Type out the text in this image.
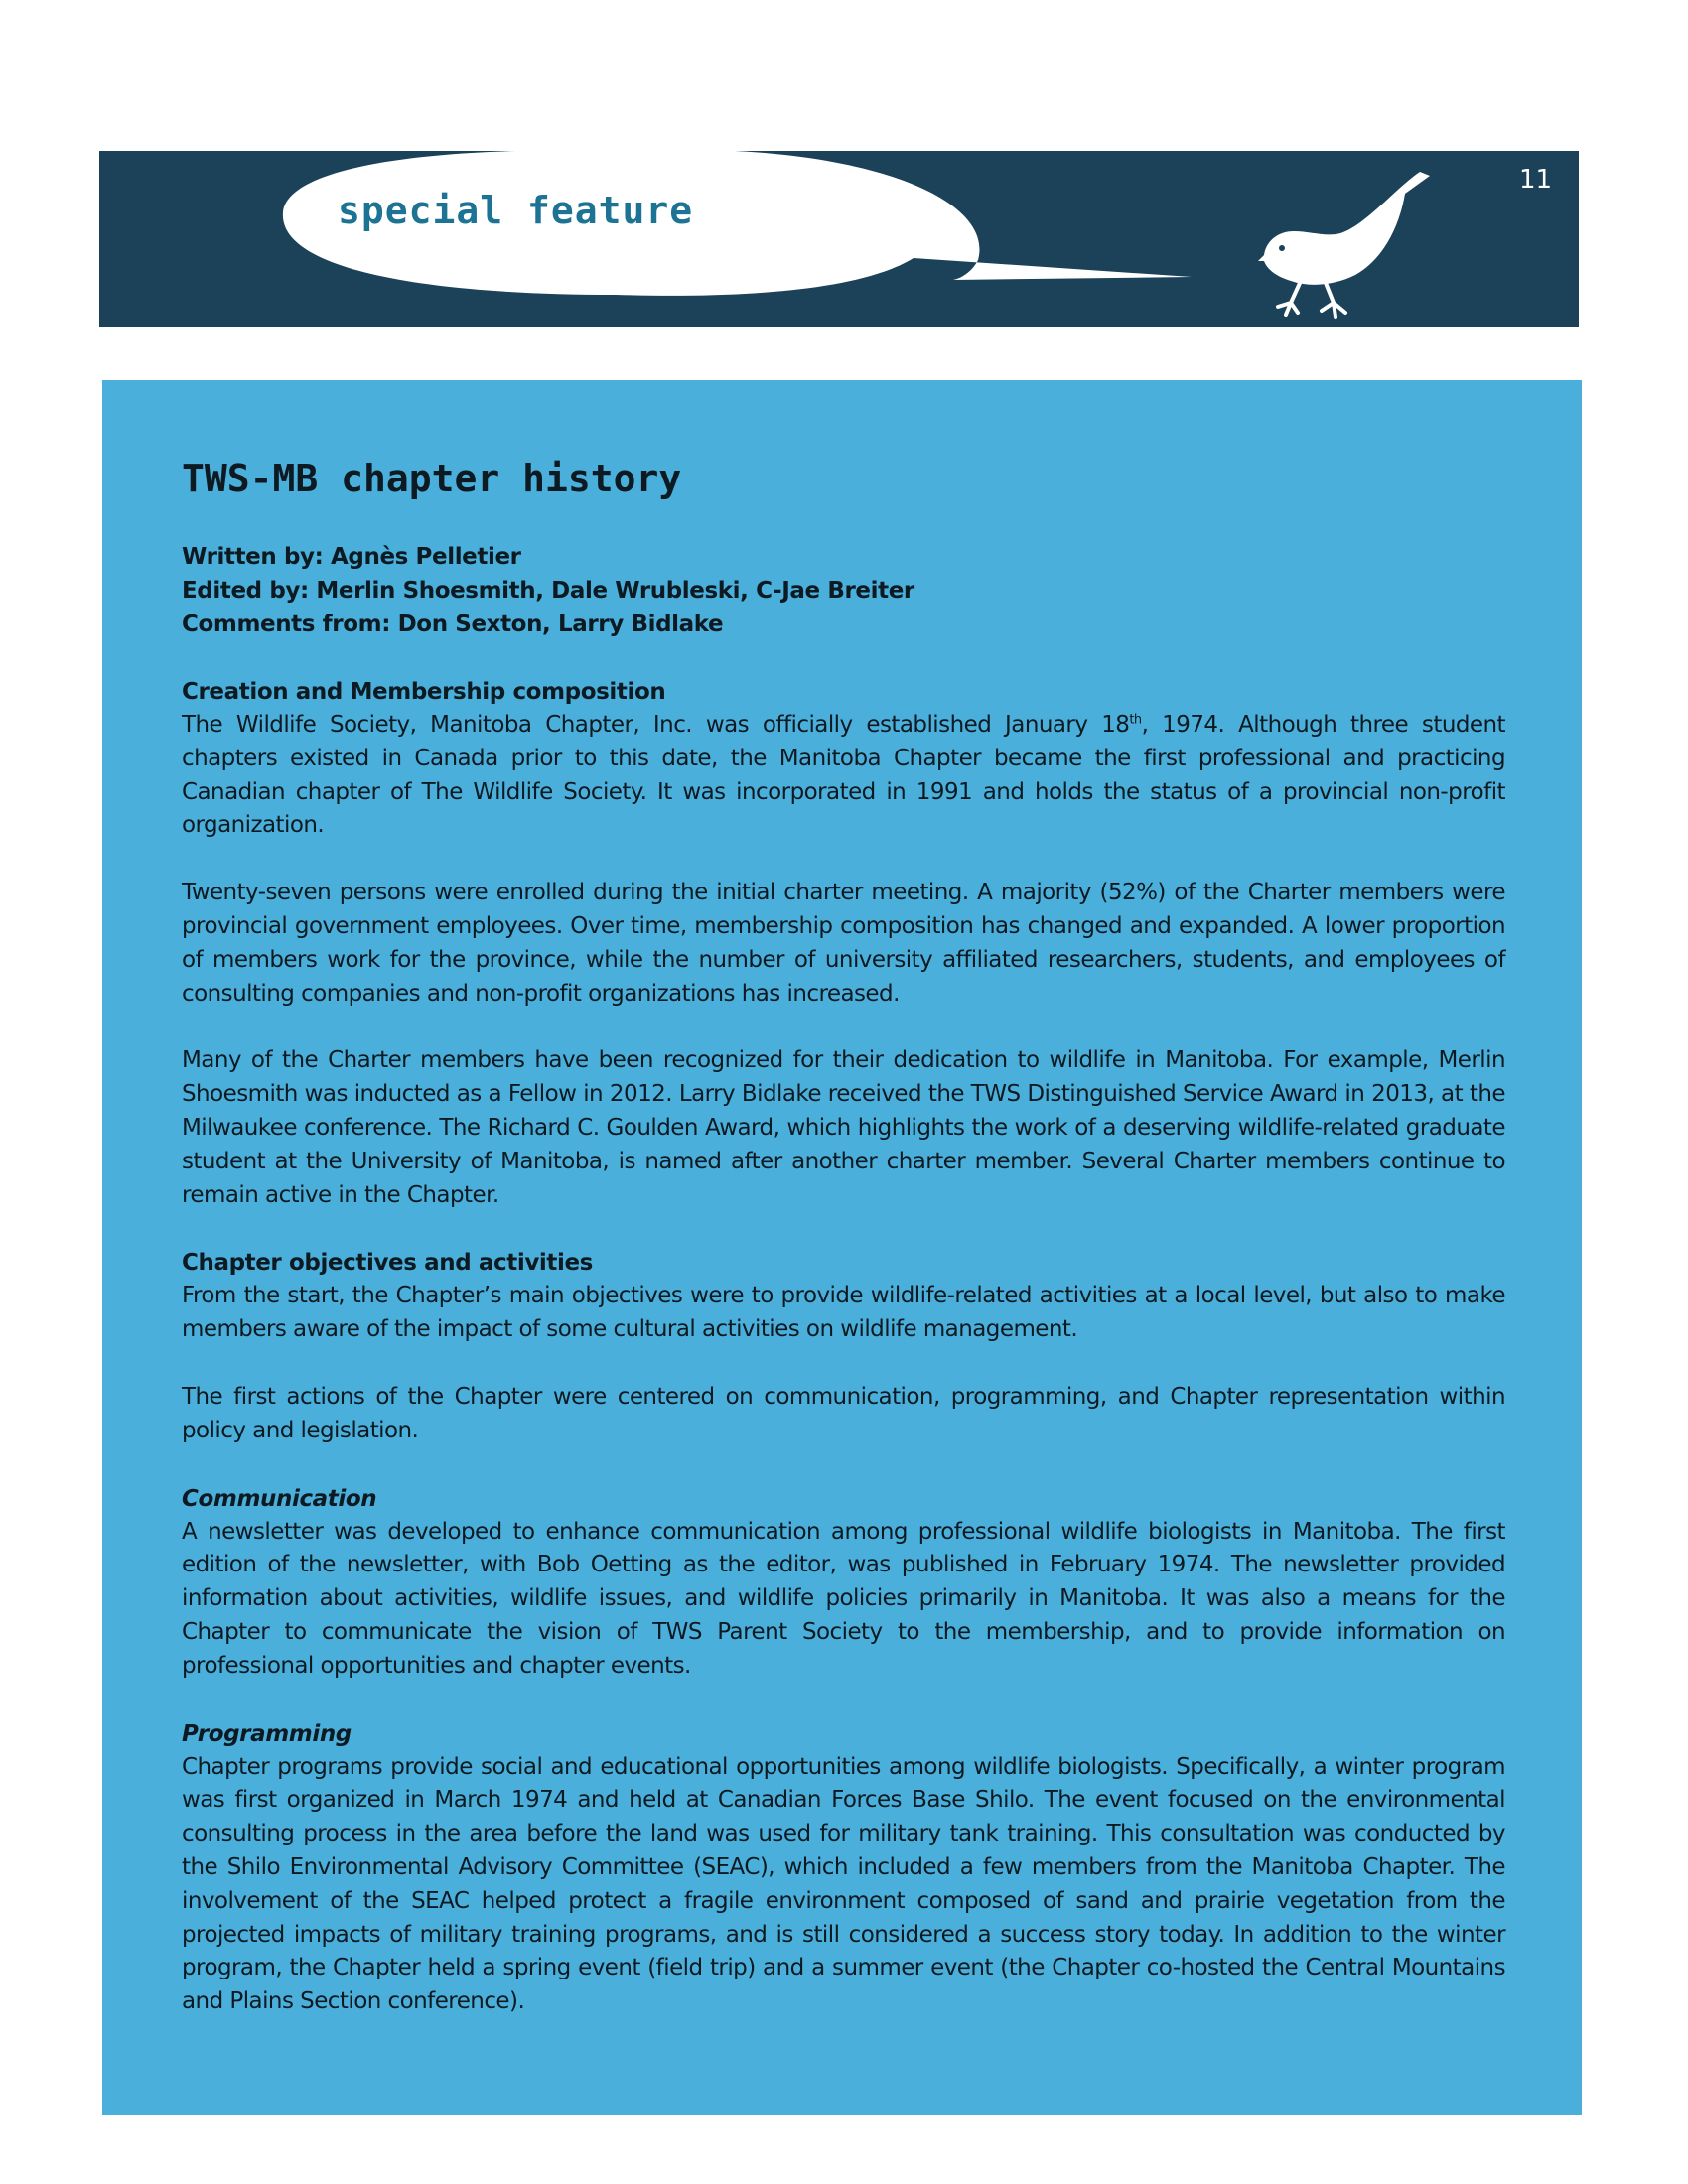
special feature
11
TWS-MB chapter history
Written by: Agnès Pelletier
Edited by: Merlin Shoesmith, Dale Wrubleski, C-Jae Breiter
Comments from: Don Sexton, Larry Bidlake
Creation and Membership composition

The Wildlife Society, Manitoba Chapter, Inc. was officially established January 18th, 1974. Although three student chapters existed in Canada prior to this date, the Manitoba Chapter became the first professional and practicing Canadian chapter of The Wildlife Society. It was incorporated in 1991 and holds the status of a provincial non-profit organization.

Twenty-seven persons were enrolled during the initial charter meeting. A majority (52%) of the Charter members were provincial government employees. Over time, membership composition has changed and expanded. A lower proportion of members work for the province, while the number of university affiliated researchers, students, and employees of consulting companies and non-profit organizations has increased.

Many of the Charter members have been recognized for their dedication to wildlife in Manitoba. For example, Merlin Shoesmith was inducted as a Fellow in 2012. Larry Bidlake received the TWS Distinguished Service Award in 2013, at the Milwaukee conference. The Richard C. Goulden Award, which highlights the work of a deserving wildlife-related graduate student at the University of Manitoba, is named after another charter member. Several Charter members continue to remain active in the Chapter.

Chapter objectives and activities

From the start, the Chapter’s main objectives were to provide wildlife-related activities at a local level, but also to make members aware of the impact of some cultural activities on wildlife management.

The first actions of the Chapter were centered on communication, programming, and Chapter representation within policy and legislation.

Communication

A newsletter was developed to enhance communication among professional wildlife biologists in Manitoba. The first edition of the newsletter, with Bob Oetting as the editor, was published in February 1974. The newsletter provided information about activities, wildlife issues, and wildlife policies primarily in Manitoba. It was also a means for the Chapter to communicate the vision of TWS Parent Society to the membership, and to provide information on professional opportunities and chapter events.

Programming

Chapter programs provide social and educational opportunities among wildlife biologists. Specifically, a winter program was first organized in March 1974 and held at Canadian Forces Base Shilo. The event focused on the environmental consulting process in the area before the land was used for military tank training. This consultation was conducted by the Shilo Environmental Advisory Committee (SEAC), which included a few members from the Manitoba Chapter. The involvement of the SEAC helped protect a fragile environment composed of sand and prairie vegetation from the projected impacts of military training programs, and is still considered a success story today. In addition to the winter program, the Chapter held a spring event (field trip) and a summer event (the Chapter co-hosted the Central Mountains and Plains Section conference).
